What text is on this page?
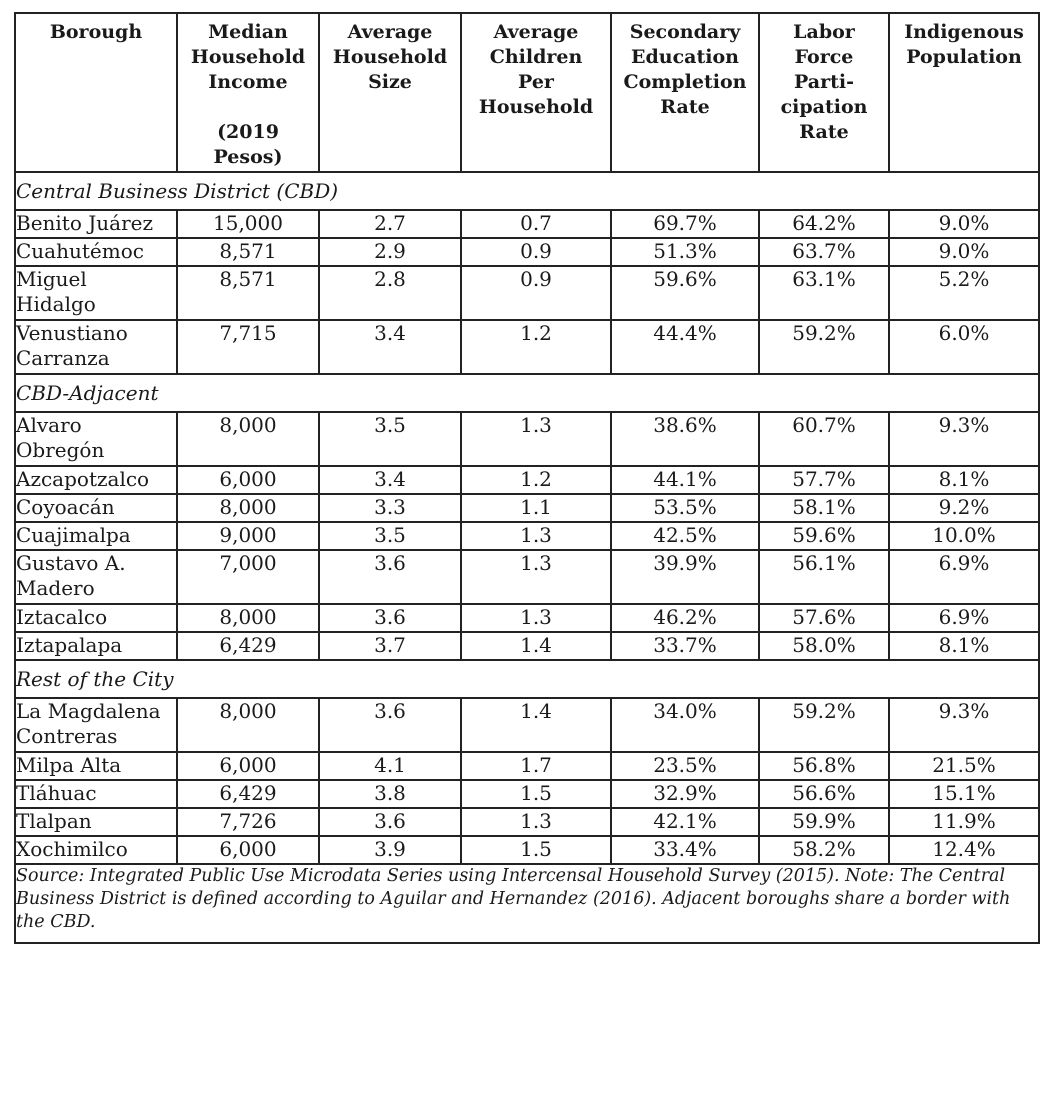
Borough	Median
Household
Income
(2019
Pesos)	Average
Household
Size	Average
Children
Per
Household	Secondary
Education
Completion
Rate	Labor
Force
Parti-
cipation
Rate	Indigenous
Population

Central Business District (CBD)						

Benito Juárez	15,000	2.7	0.7	69.7%	64.2%	9.0%

Cuahutémoc	8,571	2.9	0.9	51.3%	63.7%	9.0%

Miguel
Hidalgo	8,571	2.8	0.9	59.6%	63.1%	5.2%

Venustiano
Carranza	7,715	3.4	1.2	44.4%	59.2%	6.0%
CBD-Adjacent						

Alvaro
Obregón	8,000	3.5	1.3	38.6%	60.7%	9.3%

Azcapotzalco	6,000	3.4	1.2	44.1%	57.7%	8.1%

Coyoacán	8,000	3.3	1.1	53.5%	58.1%	9.2%

Cuajimalpa	9,000	3.5	1.3	42.5%	59.6%	10.0%

Gustavo A.
Madero	7,000	3.6	1.3	39.9%	56.1%	6.9%

Iztacalco	8,000	3.6	1.3	46.2%	57.6%	6.9%

Iztapalapa	6,429	3.7	1.4	33.7%	58.0%	8.1%
Rest of the City						

La Magdalena
Contreras	8,000	3.6	1.4	34.0%	59.2%	9.3%

Milpa Alta	6,000	4.1	1.7	23.5%	56.8%	21.5%

Tláhuac	6,429	3.8	1.5	32.9%	56.6%	15.1%

Tlalpan	7,726	3.6	1.3	42.1%	59.9%	11.9%

Xochimilco	6,000	3.9	1.5	33.4%	58.2%	12.4%
Source: Integrated Public Use Microdata Series using Intercensal Household Survey (2015). Note: The Central Business District is defined according to Aguilar and Hernandez (2016). Adjacent boroughs share a border with the CBD.						
